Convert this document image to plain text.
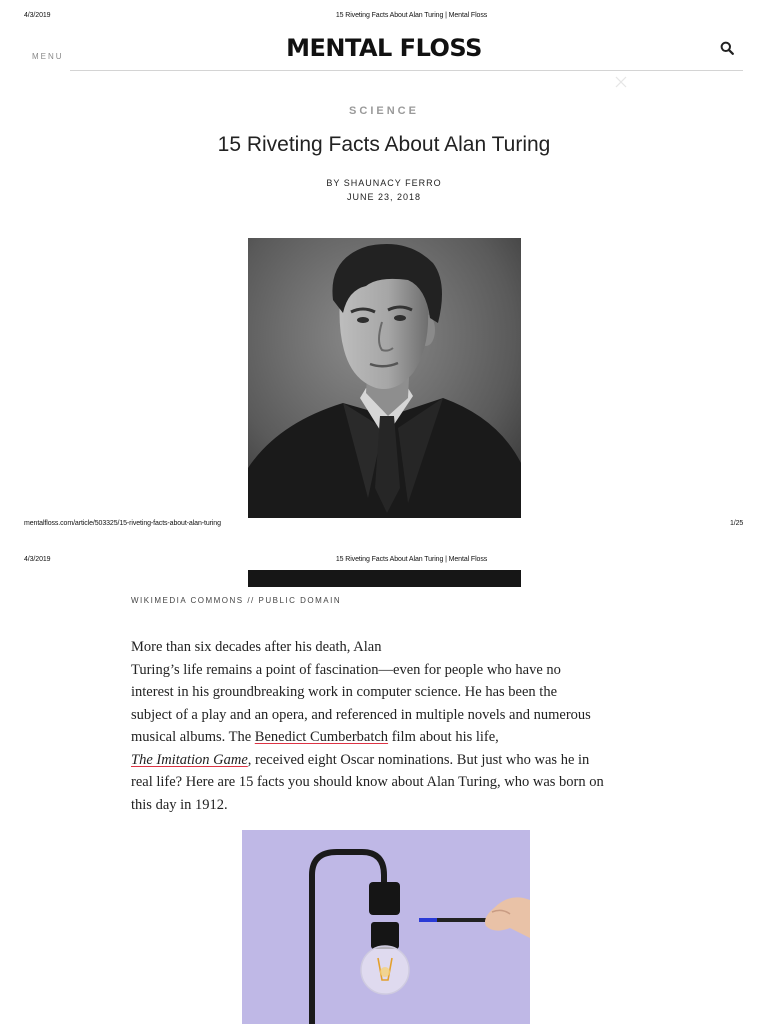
4/3/2019	15 Riveting Facts About Alan Turing | Mental Floss
MENU	MENTAL FLOSS
SCIENCE
15 Riveting Facts About Alan Turing
BY SHAUNACY FERRO
JUNE 23, 2018
mentalfloss.com/article/503325/15-riveting-facts-about-alan-turing	1/25
4/3/2019	15 Riveting Facts About Alan Turing | Mental Floss
WIKIMEDIA COMMONS // PUBLIC DOMAIN
More than six decades after his death, Alan
Turing’s life remains a point of fascination—even for people who have no
interest in his groundbreaking work in computer science. He has been the
subject of a play and an opera, and referenced in multiple novels and numerous
musical albums. The Benedict Cumberbatch film about his life,
The Imitation Game, received eight Oscar nominations. But just who was he in
real life? Here are 15 facts you should know about Alan Turing, who was born on
this day in 1912.
